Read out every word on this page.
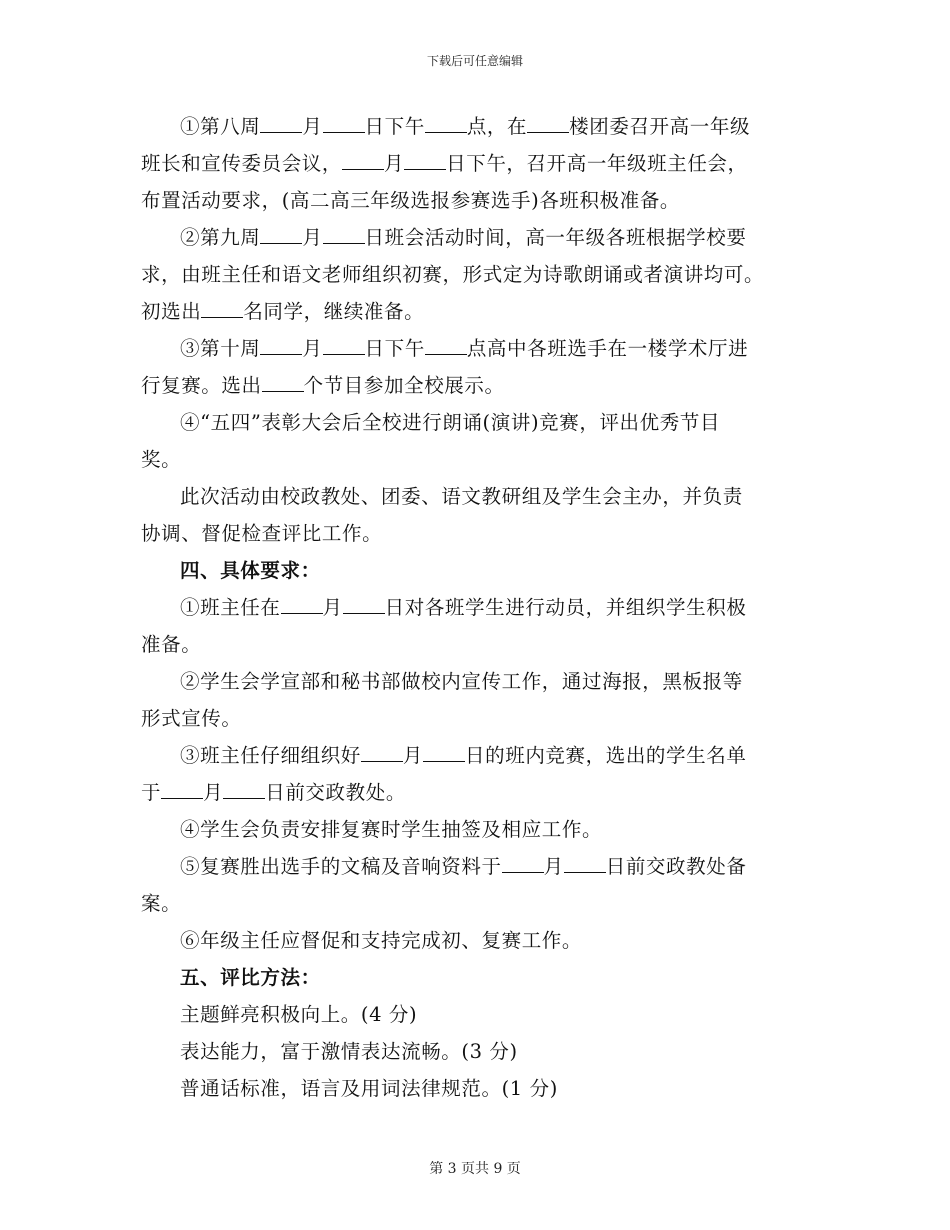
下载后可任意编辑

①第八周 月 日下午 点，在 楼团委召开高一年级

班长和宣传委员会议， 月 日下午，召开高一年级班主任会，

布置活动要求，(高二高三年级选报参赛选手)各班积极准备。

②第九周 月 日班会活动时间，高一年级各班根据学校要

求，由班主任和语文老师组织初赛，形式定为诗歌朗诵或者演讲均可。

初选出 名同学，继续准备。

③第十周 月 日下午 点高中各班选手在一楼学术厅进

行复赛。选出 个节目参加全校展示。

④“五四”表彰大会后全校进行朗诵(演讲)竞赛，评出优秀节目

奖。

此次活动由校政教处、团委、语文教研组及学生会主办，并负责

协调、督促检查评比工作。

四、具体要求：

①班主任在 月 日对各班学生进行动员，并组织学生积极

准备。

②学生会学宣部和秘书部做校内宣传工作，通过海报，黑板报等

形式宣传。

③班主任仔细组织好 月 日的班内竞赛，选出的学生名单

于 月 日前交政教处。

④学生会负责安排复赛时学生抽签及相应工作。

⑤复赛胜出选手的文稿及音响资料于 月 日前交政教处备

案。

⑥年级主任应督促和支持完成初、复赛工作。

五、评比方法：

主题鲜亮积极向上。(4 分)

表达能力，富于激情表达流畅。(3 分)

普通话标准，语言及用词法律规范。(1 分)

第 3 页共 9 页
